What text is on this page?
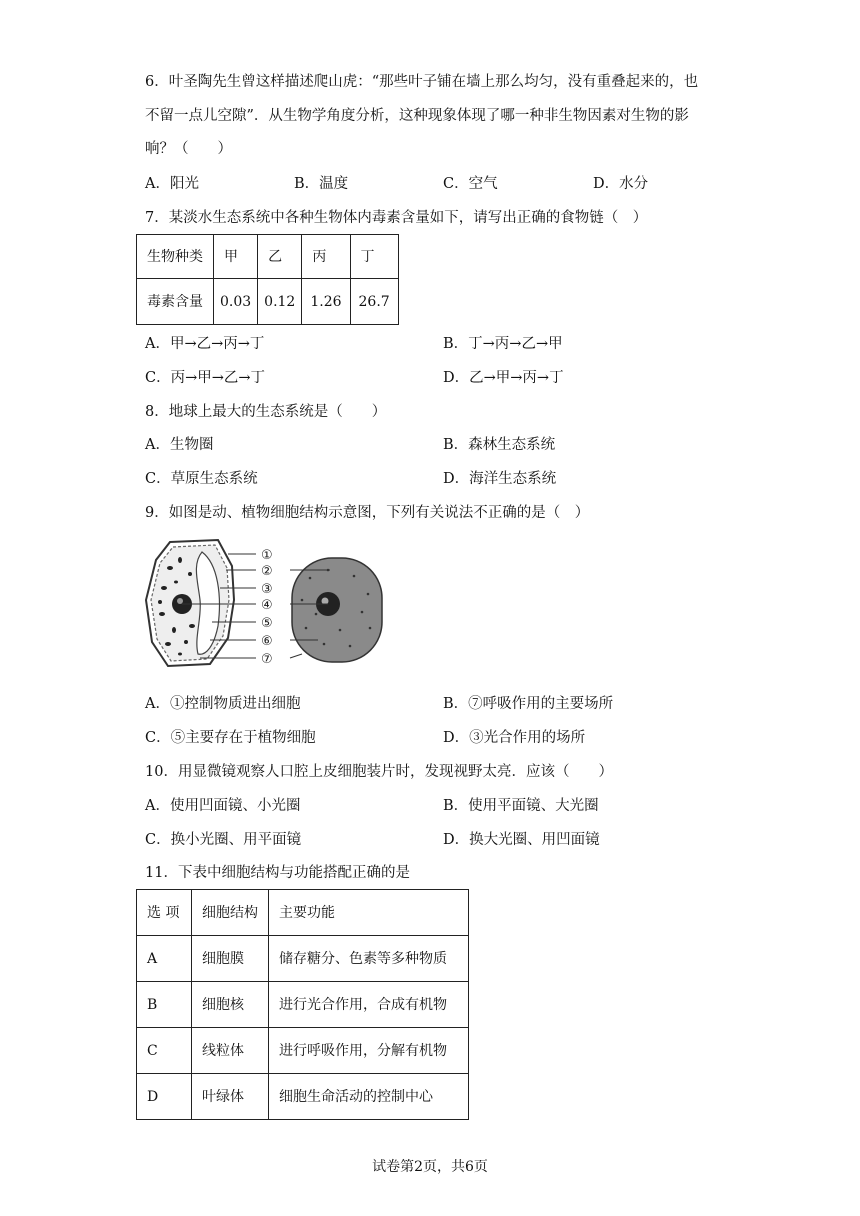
6．叶圣陶先生曾这样描述爬山虎：“那些叶子铺在墙上那么均匀，没有重叠起来的，也
不留一点儿空隙”．从生物学角度分析，这种现象体现了哪一种非生物因素对生物的影
响？（　　）
A．阳光	B．温度	C．空气	D．水分
7．某淡水生态系统中各种生物体内毒素含量如下，请写出正确的食物链（　）
生物种类	甲	乙	丙	丁
毒素含量	0.03	0.12	1.26	26.7
A．甲→乙→丙→丁	B．丁→丙→乙→甲
C．丙→甲→乙→丁	D．乙→甲→丙→丁
8．地球上最大的生态系统是（　　）
A．生物圈	B．森林生态系统
C．草原生态系统	D．海洋生态系统
9．如图是动、植物细胞结构示意图，下列有关说法不正确的是（　）
①
②
③
④
⑤
⑥
⑦
A．①控制物质进出细胞	B．⑦呼吸作用的主要场所
C．⑤主要存在于植物细胞	D．③光合作用的场所
10．用显微镜观察人口腔上皮细胞装片时，发现视野太亮．应该（　　）
A．使用凹面镜、小光圈	B．使用平面镜、大光圈
C．换小光圈、用平面镜	D．换大光圈、用凹面镜
11．下表中细胞结构与功能搭配正确的是
选 项	细胞结构	主要功能
A	细胞膜	储存糖分、色素等多种物质
B	细胞核	进行光合作用，合成有机物
C	线粒体	进行呼吸作用，分解有机物
D	叶绿体	细胞生命活动的控制中心
试卷第2页，共6页
